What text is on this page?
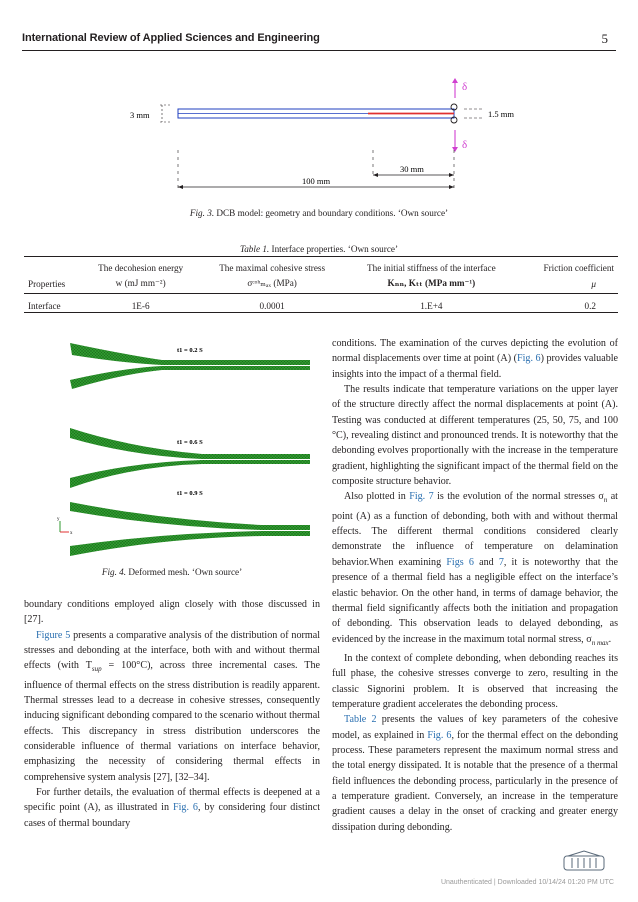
International Review of Applied Sciences and Engineering	5
δ
δ
3 mm	1.5 mm
30 mm
100 mm
Fig. 3. DCB model: geometry and boundary conditions. ‘Own source’
Table 1. Interface properties. ‘Own source’
	The decohesion energy	The maximal cohesive stress	The initial stiffness of the interface	Friction coefficient
Properties	w (mJ mm⁻²)	σᶜᵒʰₘₐₓ (MPa)	Kₙₙ, Kₜₜ (MPa mm⁻¹)	μ
Interface	1E-6	0.0001	1.E+4	0.2
t1 = 0.2 S
t1 = 0.6 S
t1 = 0.9 S
y
x
Fig. 4. Deformed mesh. ‘Own source’

boundary conditions employed align closely with those discussed in [27].

Figure 5 presents a comparative analysis of the distribution of normal stresses and debonding at the interface, both with and without thermal effects (with $T_{sup} = 100^\circ C$), across three incremental cases. The influence of thermal effects on the stress distribution is readily apparent. Thermal stresses lead to a decrease in cohesive stresses, consequently inducing significant debonding compared to the scenario without thermal effects. This discrepancy in stress distribution underscores the considerable influence of thermal variations on interface behavior, emphasizing the necessity of considering thermal effects in comprehensive system analysis [27], [32–34].

For further details, the evaluation of thermal effects is deepened at a specific point (A), as illustrated in Fig. 6, by considering four distinct cases of thermal boundary

conditions. The examination of the curves depicting the evolution of normal displacements over time at point (A) (Fig. 6) provides valuable insights into the impact of a thermal field.

The results indicate that temperature variations on the upper layer of the structure directly affect the normal displacements at point (A). Testing was conducted at different temperatures (25, 50, 75, and 100 °C), revealing distinct and pronounced trends. It is noteworthy that the debonding evolves proportionally with the increase in the temperature gradient, highlighting the significant impact of the thermal field on the composite structure behavior.

Also plotted in Fig. 7 is the evolution of the normal stresses $\sigma_n$ at point (A) as a function of debonding, both with and without thermal effects. The different thermal conditions considered clearly demonstrate the influence of temperature on delamination behavior.When examining Figs 6 and 7, it is noteworthy that the presence of a thermal field has a negligible effect on the interface’s elastic behavior. On the other hand, in terms of damage behavior, the thermal field significantly affects both the initiation and propagation of debonding. This observation leads to delayed debonding, as evidenced by the increase in the maximum total normal stress, $\sigma_{n max}$.

In the context of complete debonding, when debonding reaches its full phase, the cohesive stresses converge to zero, resulting in the classic Signorini problem. It is observed that increasing the temperature gradient accelerates the debonding process.

Table 2 presents the values of key parameters of the cohesive model, as explained in Fig. 6, for the thermal effect on the debonding process. These parameters represent the maximum normal stress and the total energy dissipated. It is notable that the presence of a thermal field influences the debonding process, particularly in the presence of a temperature gradient. Conversely, an increase in the temperature gradient causes a delay in the onset of cracking and greater energy dissipation during debonding.

Unauthenticated | Downloaded 10/14/24 01:20 PM UTC
